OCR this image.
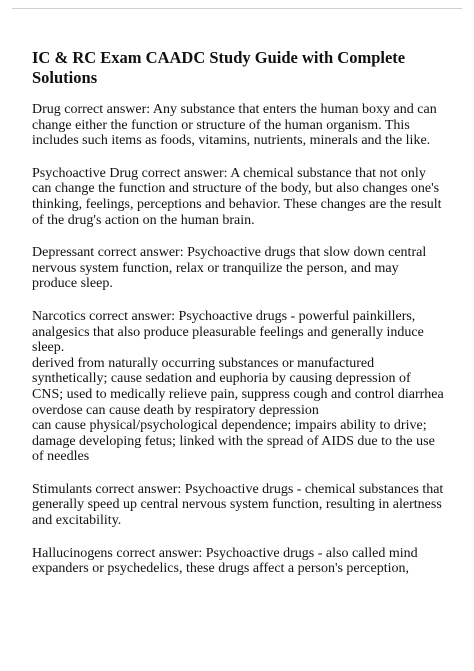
IC & RC Exam CAADC Study Guide with Complete Solutions

Drug correct answer: Any substance that enters the human boxy and can change either the function or structure of the human organism. This includes such items as foods, vitamins, nutrients, minerals and the like.

Psychoactive Drug correct answer: A chemical substance that not only can change the function and structure of the body, but also changes one's thinking, feelings, perceptions and behavior. These changes are the result of the drug's action on the human brain.

Depressant correct answer: Psychoactive drugs that slow down central nervous system function, relax or tranquilize the person, and may produce sleep.

Narcotics correct answer: Psychoactive drugs - powerful painkillers, analgesics that also produce pleasurable feelings and generally induce sleep.

derived from naturally occurring substances or manufactured synthetically; cause sedation and euphoria by causing depression of CNS; used to medically relieve pain, suppress cough and control diarrhea

overdose can cause death by respiratory depression

can cause physical/psychological dependence; impairs ability to drive; damage developing fetus; linked with the spread of AIDS due to the use of needles

Stimulants correct answer: Psychoactive drugs - chemical substances that generally speed up central nervous system function, resulting in alertness and excitability.

Hallucinogens correct answer: Psychoactive drugs - also called mind expanders or psychedelics, these drugs affect a person's perception,
